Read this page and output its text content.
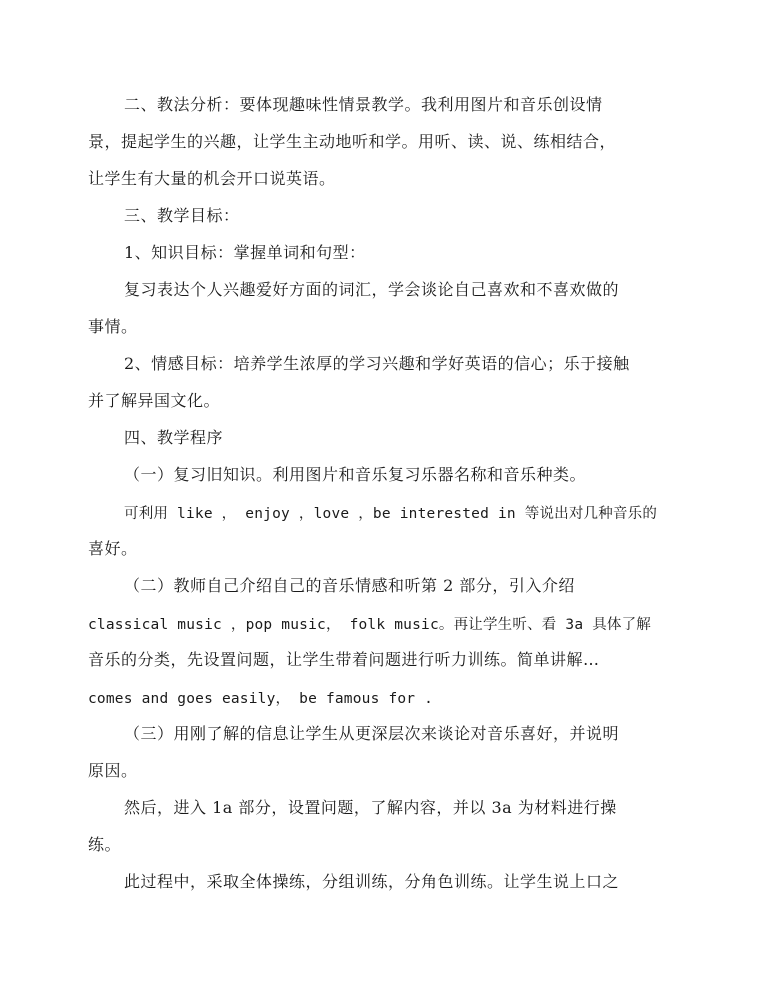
二、教法分析：要体现趣味性情景教学。我利用图片和音乐创设情
景，提起学生的兴趣，让学生主动地听和学。用听、读、说、练相结合，
让学生有大量的机会开口说英语。
三、教学目标：
1、知识目标：掌握单词和句型：
复习表达个人兴趣爱好方面的词汇，学会谈论自己喜欢和不喜欢做的
事情。
2、情感目标：培养学生浓厚的学习兴趣和学好英语的信心；乐于接触
并了解异国文化。
四、教学程序
（一）复习旧知识。利用图片和音乐复习乐器名称和音乐种类。
可利用 like ， enjoy ，love ，be interested in 等说出对几种音乐的
喜好。
（二）教师自己介绍自己的音乐情感和听第 2 部分，引入介绍
classical music ，pop music， folk music。再让学生听、看 3a 具体了解
音乐的分类，先设置问题，让学生带着问题进行听力训练。简单讲解…
comes and goes easily， be famous for .
（三）用刚了解的信息让学生从更深层次来谈论对音乐喜好，并说明
原因。
然后，进入 1a 部分，设置问题，了解内容，并以 3a 为材料进行操
练。
此过程中，采取全体操练，分组训练，分角色训练。让学生说上口之
